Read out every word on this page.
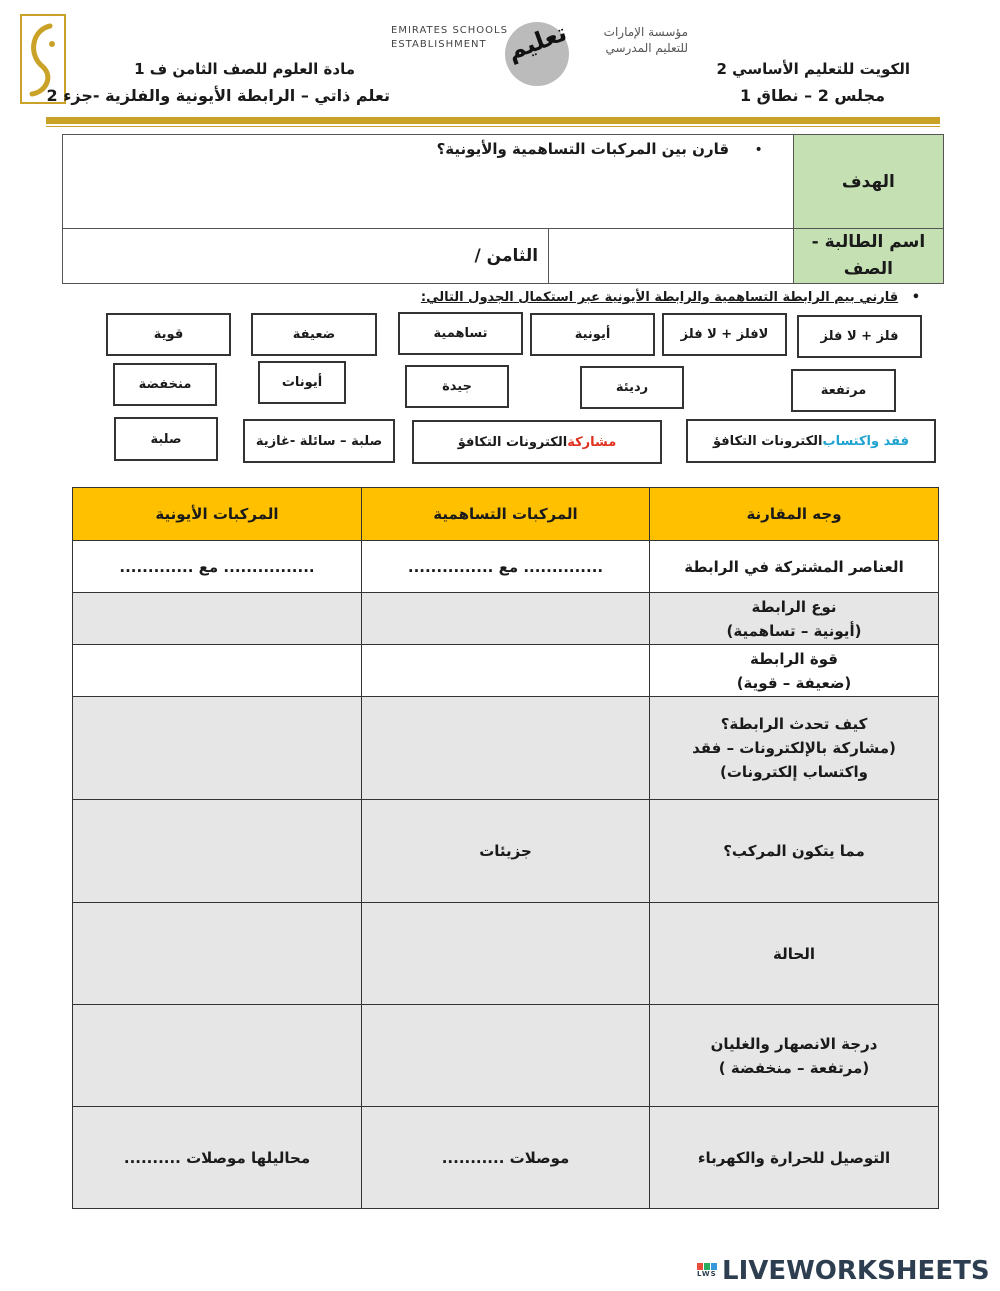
مادة العلوم للصف الثامن ف 1
تعلم ذاتي – الرابطة الأيونية والفلزية -جزء 2
EMIRATES SCHOOLS
ESTABLISHMENT تعليم	مؤسسة الإمارات
للتعليم المدرسي
الكويت للتعليم الأساسي 2
مجلس 2 – نطاق 1
•     قارن بين المركبات التساهمية والأيونية؟		الهدف
الثامن /		اسم الطالبة - الصف
•   قارني بيم الرابطة التساهمية والرابطة الأيونية عبر استكمال الجدول التالي:
قوية	ضعيفة	تساهمية	أيونية	لافلز + لا فلز	فلز + لا فلز
منخفضة	أيونات	جيدة	رديئة	مرتفعة
صلبة	صلبة – سائلة -غازية	مشاركة
الكترونات التكافؤ	فقد واكتساب
الكترونات التكافؤ
المركبات الأيونية	المركبات التساهمية	وجه المقارنة
................ مع .............	.............. مع ...............	العناصر المشتركة في الرابطة

		نوع الرابطة
(أيونية – تساهمية)

		قوة الرابطة
(ضعيفة – قوية)

		كيف تحدث الرابطة؟
(مشاركة بالإلكترونات – فقد واكتساب إلكترونات)

	جزيئات	مما يتكون المركب؟
		الحالة

		درجة الانصهار والغليان
(مرتفعة – منخفضة )

محاليلها موصلات ..........	موصلات ...........	التوصيل للحرارة والكهرباء
LWS LIVEWORKSHEETS
